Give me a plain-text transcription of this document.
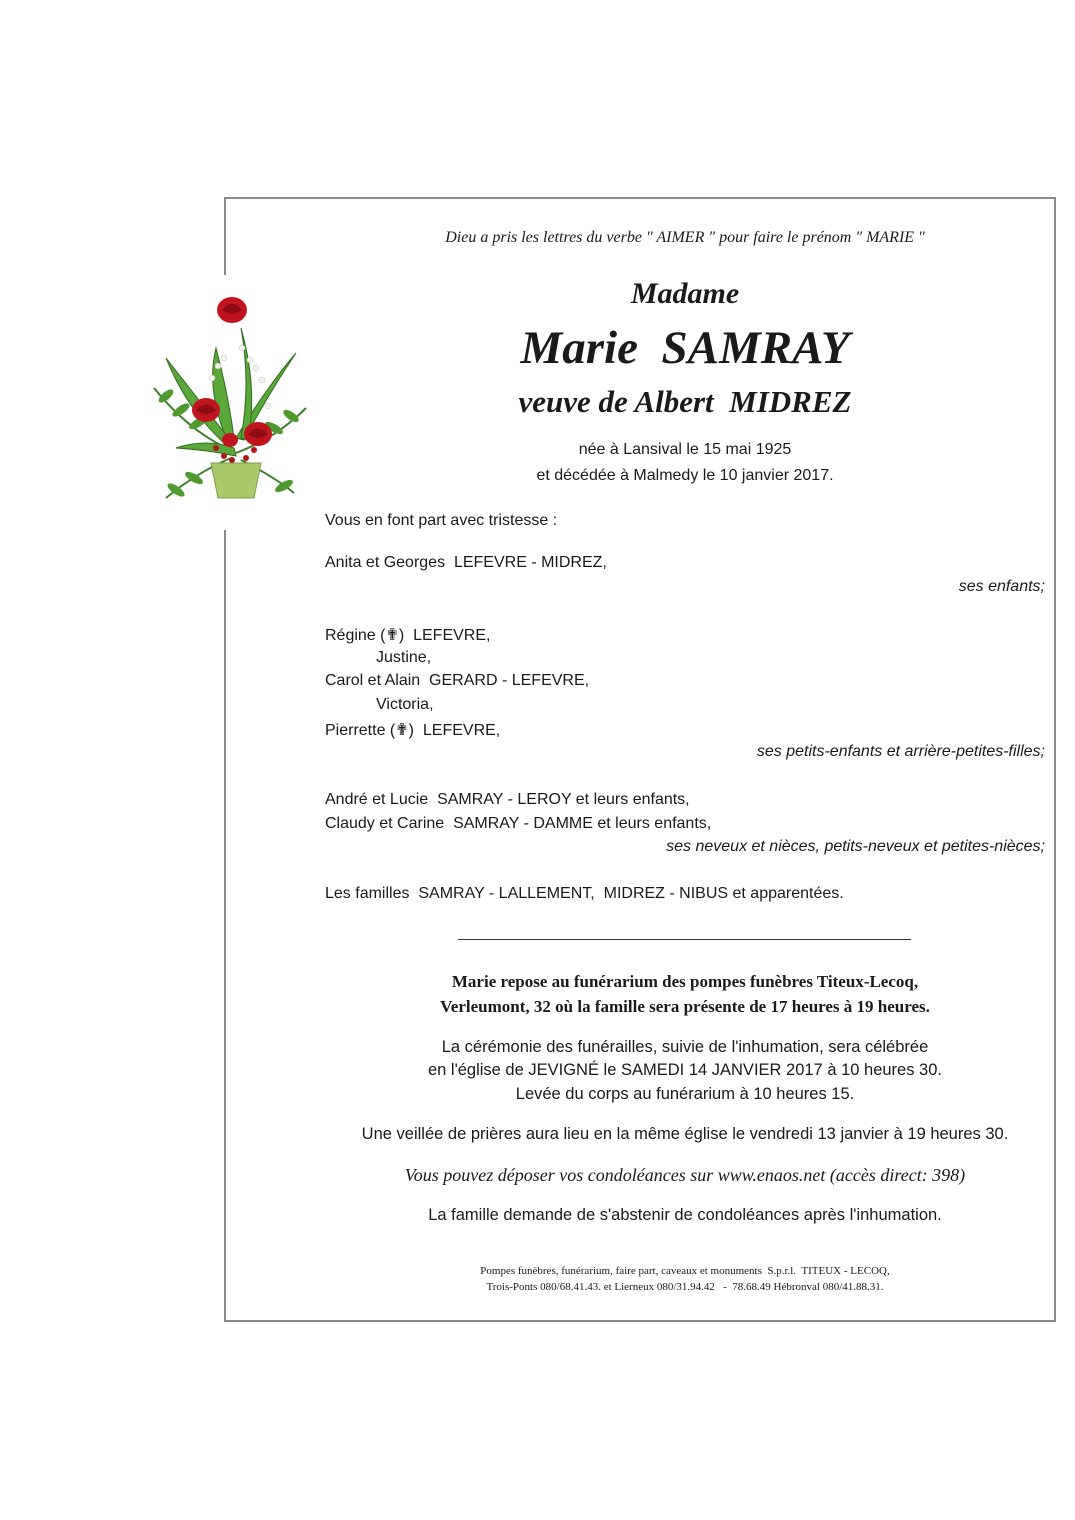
Dieu a pris les lettres du verbe " AIMER " pour faire le prénom " MARIE "

Madame

Marie  SAMRAY

veuve de Albert  MIDREZ

née à Lansival le 15 mai 1925

et décédée à Malmedy le 10 janvier 2017.

Vous en font part avec tristesse :

Anita et Georges  LEFEVRE - MIDREZ,

ses enfants;

Régine (✟)  LEFEVRE,

Justine,

Carol et Alain  GERARD - LEFEVRE,

Victoria,

Pierrette (✟)  LEFEVRE,

ses petits-enfants et arrière-petites-filles;

André et Lucie  SAMRAY - LEROY et leurs enfants,

Claudy et Carine  SAMRAY - DAMME et leurs enfants,

ses neveux et nièces, petits-neveux et petites-nièces;

Les familles  SAMRAY - LALLEMENT,  MIDREZ - NIBUS et apparentées.

Marie repose au funérarium des pompes funèbres Titeux-Lecoq,

Verleumont, 32 où la famille sera présente de 17 heures à 19 heures.

La cérémonie des funérailles, suivie de l'inhumation, sera célébrée

en l'église de JEVIGNÉ le SAMEDI 14 JANVIER 2017 à 10 heures 30.

Levée du corps au funérarium à 10 heures 15.

Une veillée de prières aura lieu en la même église le vendredi 13 janvier à 19 heures 30.

Vous pouvez déposer vos condoléances sur www.enaos.net (accès direct: 398)

La famille demande de s'abstenir de condoléances après l'inhumation.

Pompes funèbres, funérarium, faire part, caveaux et monuments  S.p.r.l.  TITEUX - LECOQ,

Trois-Ponts 080/68.41.43. et Lierneux 080/31.94.42   -  78.68.49 Hébronval 080/41.88.31.
